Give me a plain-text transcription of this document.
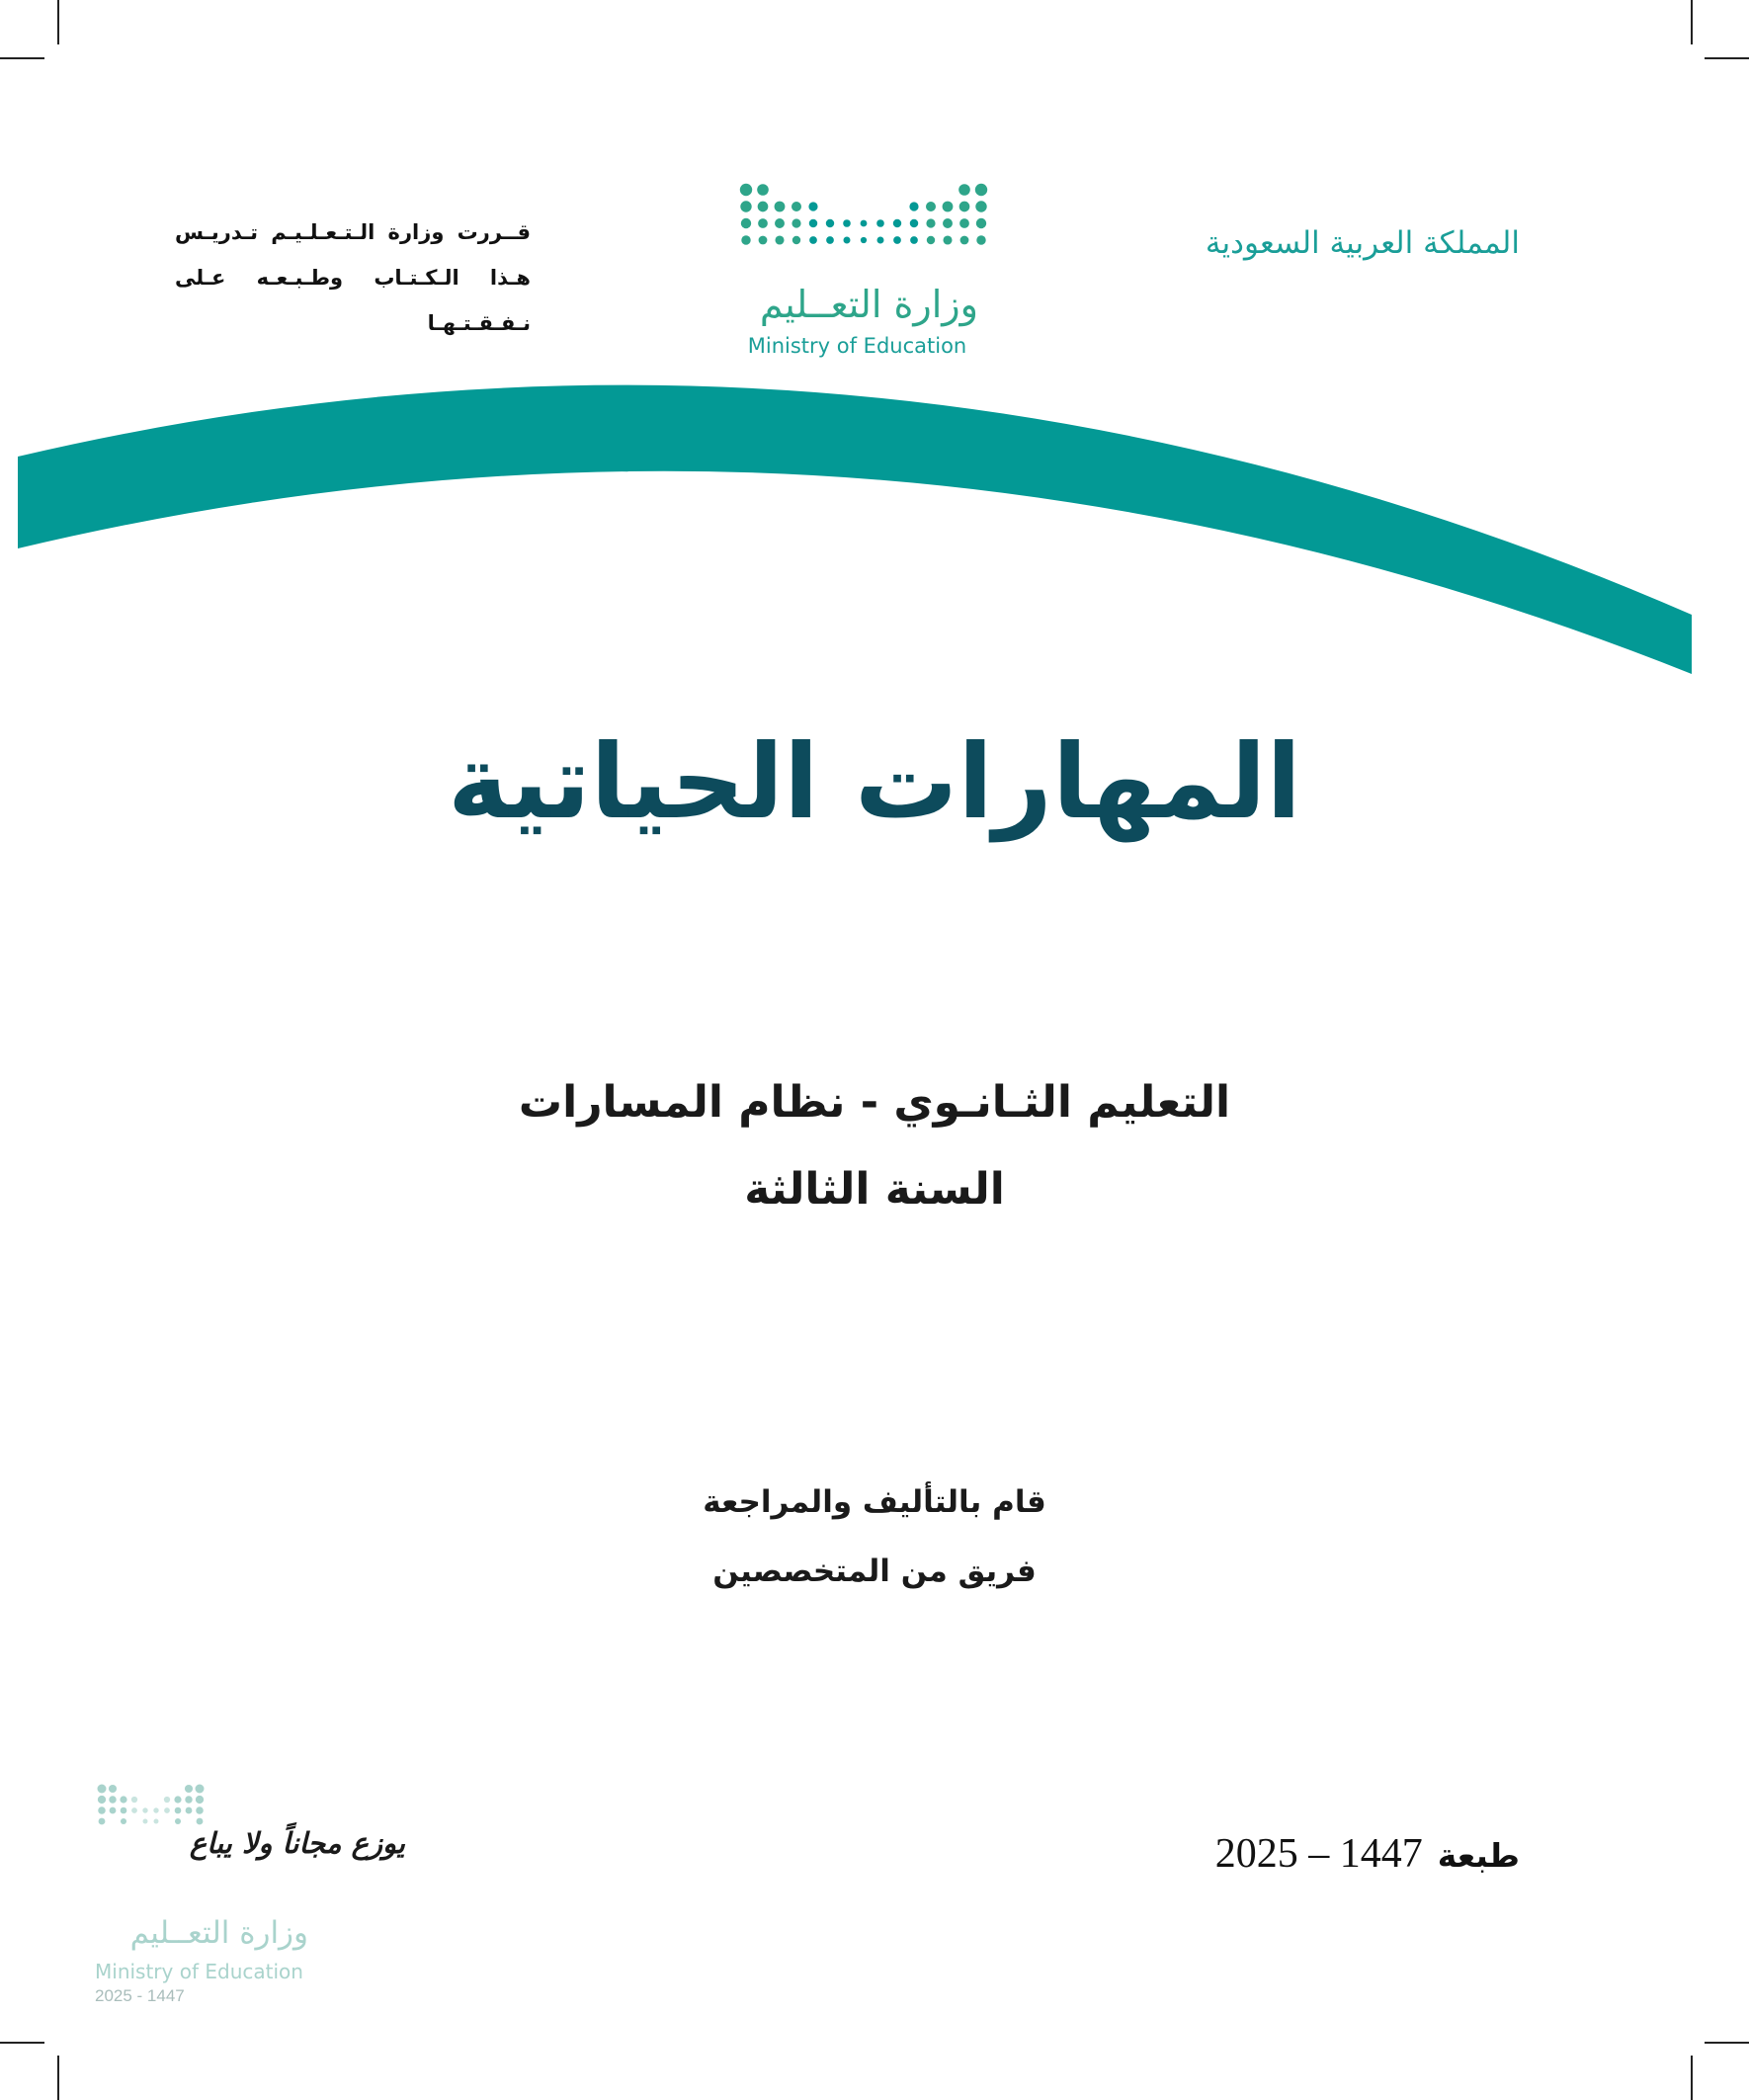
المملكة العربية السعودية
قــررت وزارة الـتـعـلـيـم تـدريـس
هـذا الـكـتـاب وطـبـعـه عـلى نـفـقـتـهـا	وزارة التعــليم
Ministry of Education
المهارات الحياتية
التعليم الثـانـوي - نظام المسارات
السنة الثالثة
قام بالتأليف والمراجعة
فريق من المتخصصين
طبعة 2025 – 1447
يوزع مجاناً ولا يباع
وزارة التعــليم
Ministry of Education
2025 - 1447
